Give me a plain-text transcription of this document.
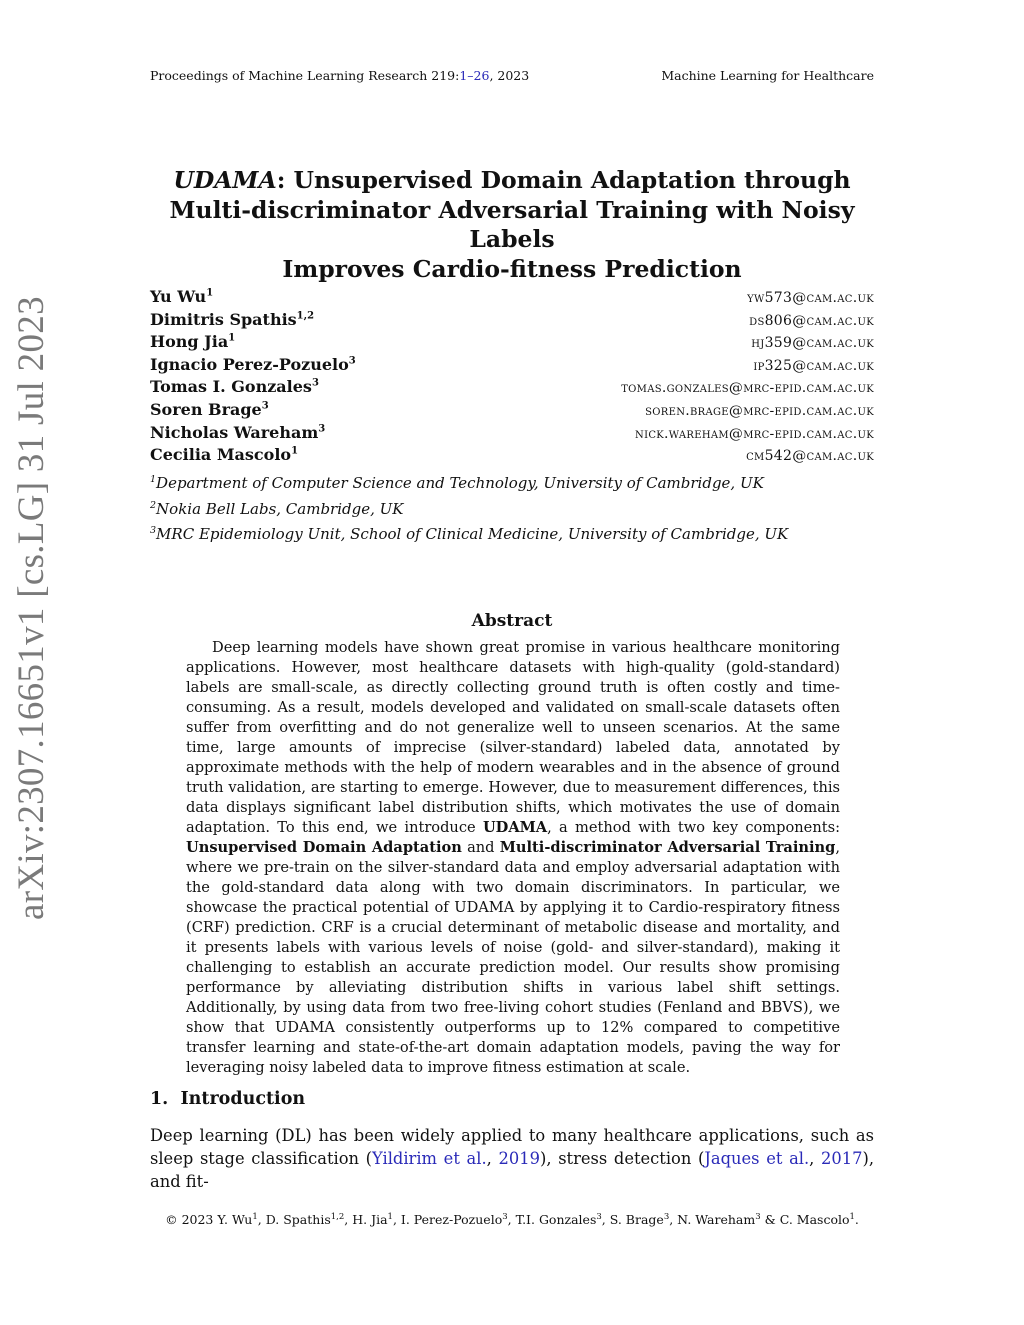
Proceedings of Machine Learning Research 219:1–26, 2023	Machine Learning for Healthcare
arXiv:2307.16651v1 [cs.LG] 31 Jul 2023
UDAMA: Unsupervised Domain Adaptation through
Multi-discriminator Adversarial Training with Noisy Labels
Improves Cardio-fitness Prediction
Yu Wu$^1$	yw573@cam.ac.uk
Dimitris Spathis$^{1,2}$	ds806@cam.ac.uk
Hong Jia$^1$	hj359@cam.ac.uk
Ignacio Perez-Pozuelo$^3$	ip325@cam.ac.uk
Tomas I. Gonzales$^3$	tomas.gonzales@mrc-epid.cam.ac.uk
Soren Brage$^3$	soren.brage@mrc-epid.cam.ac.uk
Nicholas Wareham$^3$	nick.wareham@mrc-epid.cam.ac.uk
Cecilia Mascolo$^1$	cm542@cam.ac.uk
$^1$Department of Computer Science and Technology, University of Cambridge, UK
$^2$Nokia Bell Labs, Cambridge, UK
$^3$MRC Epidemiology Unit, School of Clinical Medicine, University of Cambridge, UK
Abstract
Deep learning models have shown great promise in various healthcare monitoring applications. However, most healthcare datasets with high-quality (gold-standard) labels are small-scale, as directly collecting ground truth is often costly and time-consuming. As a result, models developed and validated on small-scale datasets often suffer from overfitting and do not generalize well to unseen scenarios. At the same time, large amounts of imprecise (silver-standard) labeled data, annotated by approximate methods with the help of modern wearables and in the absence of ground truth validation, are starting to emerge. However, due to measurement differences, this data displays significant label distribution shifts, which motivates the use of domain adaptation. To this end, we introduce UDAMA, a method with two key components: Unsupervised Domain Adaptation and Multi-discriminator Adversarial Training, where we pre-train on the silver-standard data and employ adversarial adaptation with the gold-standard data along with two domain discriminators. In particular, we showcase the practical potential of UDAMA by applying it to Cardio-respiratory fitness (CRF) prediction. CRF is a crucial determinant of metabolic disease and mortality, and it presents labels with various levels of noise (gold- and silver-standard), making it challenging to establish an accurate prediction model. Our results show promising performance by alleviating distribution shifts in various label shift settings. Additionally, by using data from two free-living cohort studies (Fenland and BBVS), we show that UDAMA consistently outperforms up to 12% compared to competitive transfer learning and state-of-the-art domain adaptation models, paving the way for leveraging noisy labeled data to improve fitness estimation at scale.
1. Introduction
Deep learning (DL) has been widely applied to many healthcare applications, such as sleep stage classification (Yildirim et al., 2019), stress detection (Jaques et al., 2017), and fit-
© 2023 Y. Wu$^1$, D. Spathis$^{1,2}$, H. Jia$^1$, I. Perez-Pozuelo$^3$, T.I. Gonzales$^3$, S. Brage$^3$, N. Wareham$^3$ & C. Mascolo$^1$.
